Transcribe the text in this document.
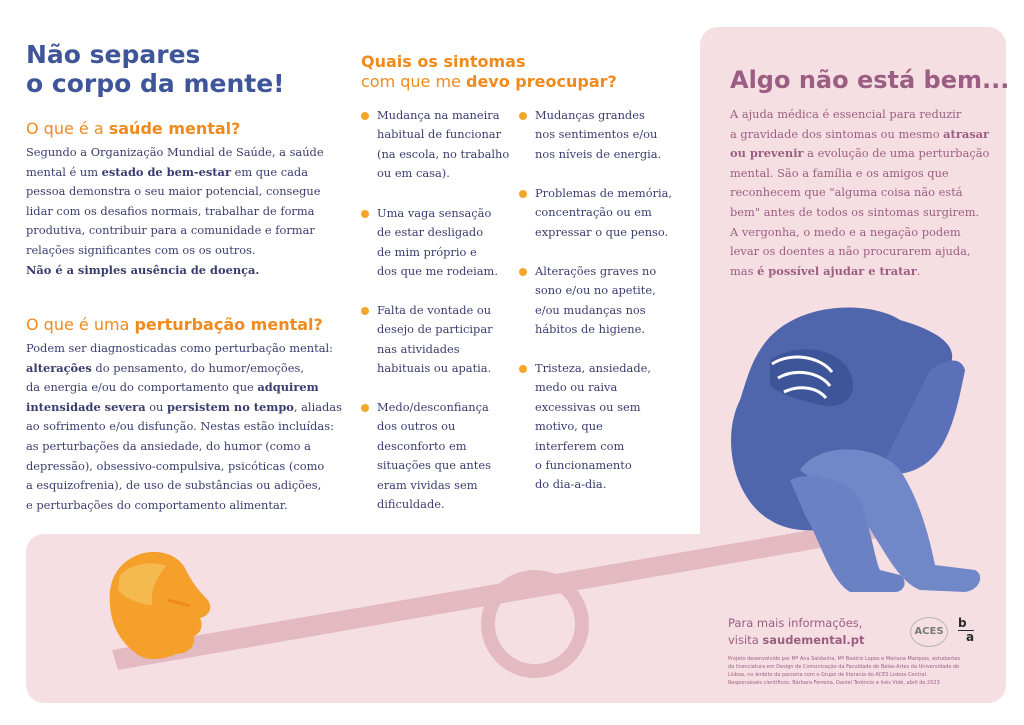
Não separes
o corpo da mente!
O que é a saúde mental?
Segundo a Organização Mundial de Saúde, a saúde
mental é um estado de bem-estar em que cada
pessoa demonstra o seu maior potencial, consegue
lidar com os desafios normais, trabalhar de forma
produtiva, contribuir para a comunidade e formar
relações significantes com os os outros.
Não é a simples ausência de doença.
O que é uma perturbação mental?
Podem ser diagnosticadas como perturbação mental:
alterações do pensamento, do humor/emoções,
da energia e/ou do comportamento que adquirem
intensidade severa ou persistem no tempo, aliadas
ao sofrimento e/ou disfunção. Nestas estão incluídas:
as perturbações da ansiedade, do humor (como a
depressão), obsessivo-compulsiva, psicóticas (como
a esquizofrenia), de uso de substâncias ou adições,
e perturbações do comportamento alimentar.
Quais os sintomas
com que me devo preocupar?
Mudança na maneira
habitual de funcionar
(na escola, no trabalho
ou em casa).
Uma vaga sensação
de estar desligado
de mim próprio e
dos que me rodeiam.
Falta de vontade ou
desejo de participar
nas atividades
habituais ou apatia.
Medo/desconfiança
dos outros ou
desconforto em
situações que antes
eram vividas sem
dificuldade.
Mudanças grandes
nos sentimentos e/ou
nos níveis de energia.
Problemas de memória,
concentração ou em
expressar o que penso.
Alterações graves no
sono e/ou no apetite,
e/ou mudanças nos
hábitos de higiene.
Tristeza, ansiedade,
medo ou raiva
excessivas ou sem
motivo, que
interferem com
o funcionamento
do dia-a-dia.
Algo não está bem...
A ajuda médica é essencial para reduzir
a gravidade dos sintomas ou mesmo atrasar
ou prevenir a evolução de uma perturbação
mental. São a família e os amigos que
reconhecem que "alguma coisa não está
bem" antes de todos os sintomas surgirem.
A vergonha, o medo e a negação podem
levar os doentes a não procurarem ajuda,
mas é possível ajudar e tratar.
Para mais informações,
visita saudemental.pt
ACES
b
a
Projeto desenvolvido por Mª Ana Saldanha, Mª Beatriz Lopes e Mariana Marques, estudantes
da licenciatura em Design de Comunicação da Faculdade de Belas-Artes da Universidade de
Lisboa, no âmbito da parceria com o Grupo de literacia do ACES Lisboa Central.
Responsáveis científicos: Bárbara Ferreira, Daniel Terêncio e Inês Vidé, abril de 2023
